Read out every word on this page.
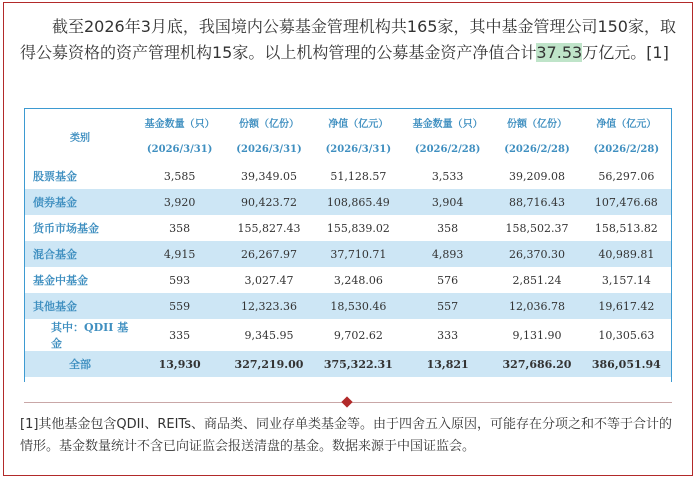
截至2026年3月底，我国境内公募基金管理机构共165家，其中基金管理公司150家，取得公募资格的资产管理机构15家。以上机构管理的公募基金资产净值合计37.53万亿元。[1]

类别	基金数量（只）	份额（亿份）	净值（亿元）	基金数量（只）	份额（亿份）	净值（亿元）
	(2026/3/31)	(2026/3/31)	(2026/3/31)	(2026/2/28)	(2026/2/28)	(2026/2/28)
股票基金	3,585	39,349.05	51,128.57	3,533	39,209.08	56,297.06
债券基金	3,920	90,423.72	108,865.49	3,904	88,716.43	107,476.68
货币市场基金	358	155,827.43	155,839.02	358	158,502.37	158,513.82
混合基金	4,915	26,267.97	37,710.71	4,893	26,370.30	40,989.81
基金中基金	593	3,027.47	3,248.06	576	2,851.24	3,157.14
其他基金	559	12,323.36	18,530.46	557	12,036.78	19,617.42
其中：QDII 基金	335	9,345.95	9,702.62	333	9,131.90	10,305.63
全部	13,930	327,219.00	375,322.31	13,821	327,686.20	386,051.94

[1]其他基金包含QDII、REITs、商品类、同业存单类基金等。由于四舍五入原因，可能存在分项之和不等于合计的情形。基金数量统计不含已向证监会报送清盘的基金。数据来源于中国证监会。
